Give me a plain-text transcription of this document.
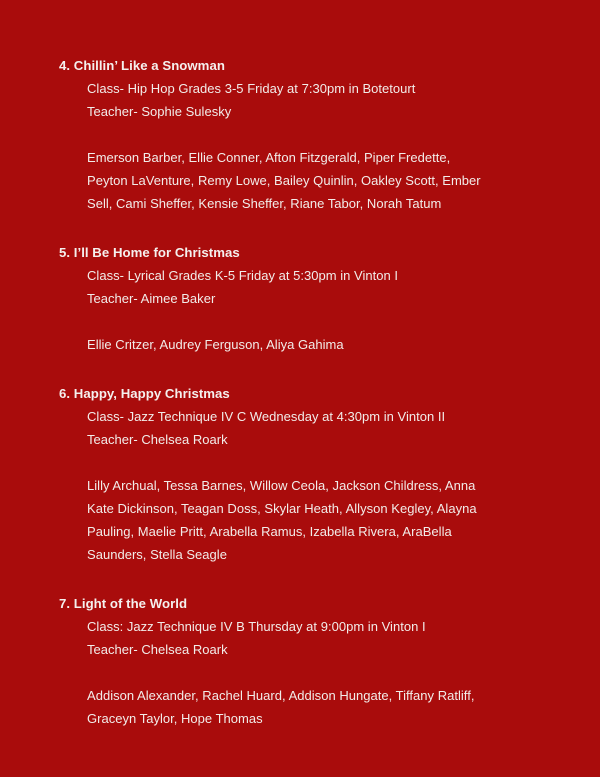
4. Chillin’ Like a Snowman
Class- Hip Hop Grades 3-5 Friday at 7:30pm in Botetourt
Teacher- Sophie Sulesky
Emerson Barber, Ellie Conner, Afton Fitzgerald, Piper Fredette, Peyton LaVenture, Remy Lowe, Bailey Quinlin, Oakley Scott, Ember Sell, Cami Sheffer, Kensie Sheffer, Riane Tabor, Norah Tatum
5. I’ll Be Home for Christmas
Class- Lyrical Grades K-5 Friday at 5:30pm in Vinton I
Teacher- Aimee Baker
Ellie Critzer, Audrey Ferguson, Aliya Gahima
6. Happy, Happy Christmas
Class- Jazz Technique IV C Wednesday at 4:30pm in Vinton II
Teacher- Chelsea Roark
Lilly Archual, Tessa Barnes, Willow Ceola, Jackson Childress, Anna Kate Dickinson, Teagan Doss, Skylar Heath, Allyson Kegley, Alayna Pauling, Maelie Pritt, Arabella Ramus, Izabella Rivera, AraBella Saunders, Stella Seagle
7. Light of the World
Class: Jazz Technique IV B Thursday at 9:00pm in Vinton I
Teacher- Chelsea Roark
Addison Alexander, Rachel Huard, Addison Hungate, Tiffany Ratliff, Graceyn Taylor, Hope Thomas
